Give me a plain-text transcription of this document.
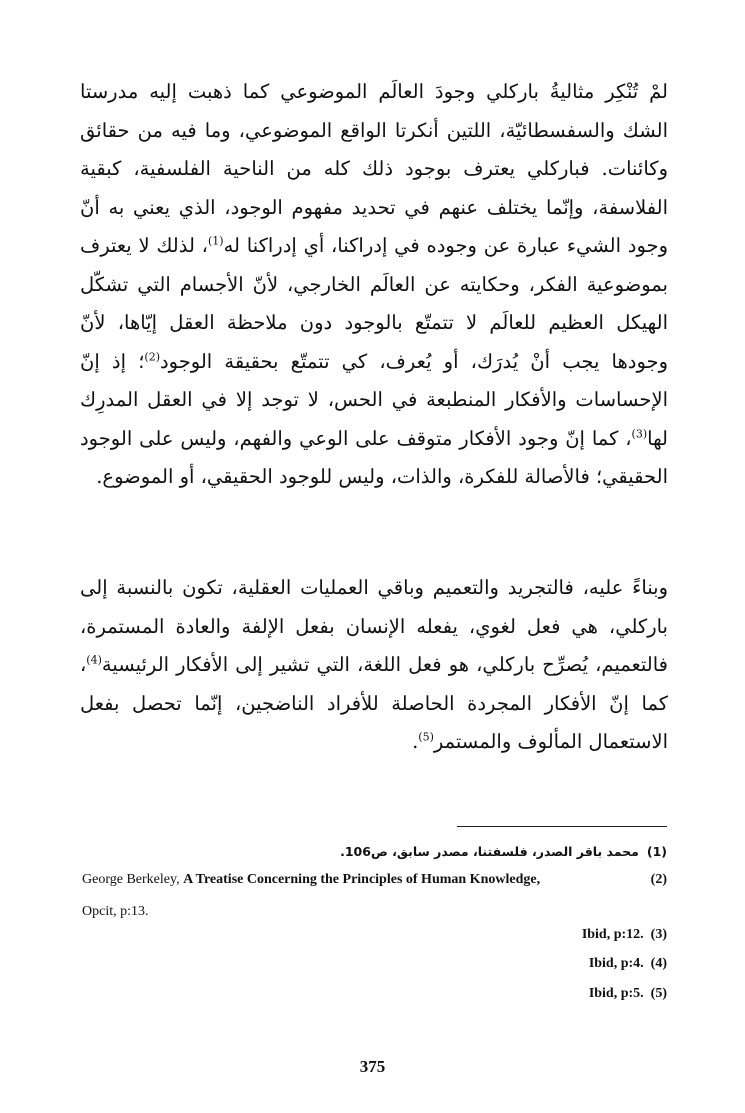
لمْ تُنْكِر مثاليةُ باركلي وجودَ العالَم الموضوعي كما ذهبت إليه مدرستا الشك والسفسطائيّة، اللتين أنكرتا الواقع الموضوعي، وما فيه من حقائق وكائنات. فباركلي يعترف بوجود ذلك كله من الناحية الفلسفية، كبقية الفلاسفة، وإنّما يختلف عنهم في تحديد مفهوم الوجود، الذي يعني به أنّ وجود الشيء عبارة عن وجوده في إدراكنا، أي إدراكنا له$^{(1)}$، لذلك لا يعترف بموضوعية الفكر، وحكايته عن العالَم الخارجي، لأنّ الأجسام التي تشكّل الهيكل العظيم للعالَم لا تتمتّع بالوجود دون ملاحظة العقل إيّاها، لأنّ وجودها يجب أنْ يُدرَك، أو يُعرف، كي تتمتّع بحقيقة الوجود$^{(2)}$؛ إذ إنّ الإحساسات والأفكار المنطبعة في الحس، لا توجد إلا في العقل المدرِك لها$^{(3)}$، كما إنّ وجود الأفكار متوقف على الوعي والفهم، وليس على الوجود الحقيقي؛ فالأصالة للفكرة، والذات، وليس للوجود الحقيقي، أو الموضوع.

وبناءً عليه، فالتجريد والتعميم وباقي العمليات العقلية، تكون بالنسبة إلى باركلي، هي فعل لغوي، يفعله الإنسان بفعل الإلفة والعادة المستمرة، فالتعميم، يُصرِّح باركلي، هو فعل اللغة، التي تشير إلى الأفكار الرئيسية$^{(4)}$، كما إنّ الأفكار المجردة الحاصلة للأفراد الناضجين، إنّما تحصل بفعل الاستعمال المألوف والمستمر$^{(5)}$.

(1)محمد باقر الصدر، فلسفتنا، مصدر سابق، ص106.

George Berkeley, A Treatise Concerning the Principles of Human Knowledge,	(2)

Opcit, p:13.

Ibid, p:12. (3)

Ibid, p:4. (4)

Ibid, p:5. (5)

375
